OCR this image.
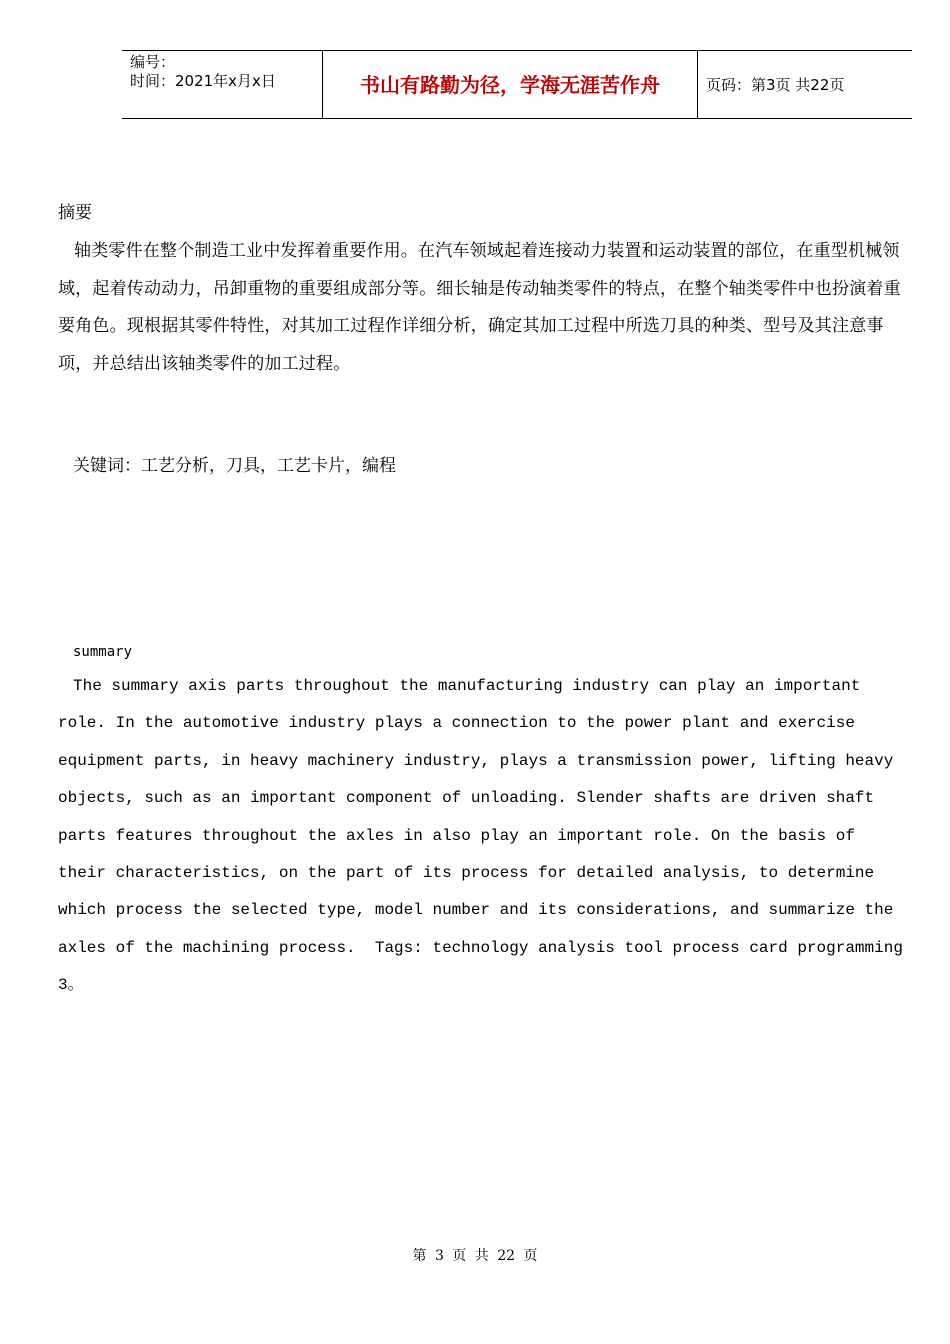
编号：
时间：2021年x月x日	书山有路勤为径，学海无涯苦作舟	页码：第3页 共22页
摘要
轴类零件在整个制造工业中发挥着重要作用。在汽车领域起着连接动力装置和运动装置的部位，在重型机械领域，起着传动动力，吊卸重物的重要组成部分等。细长轴是传动轴类零件的特点，在整个轴类零件中也扮演着重要角色。现根据其零件特性，对其加工过程作详细分析，确定其加工过程中所选刀具的种类、型号及其注意事项，并总结出该轴类零件的加工过程。
关键词：工艺分析，刀具，工艺卡片，编程
summary
The summary axis parts throughout the manufacturing industry can play an important role. In the automotive industry plays a connection to the power plant and exercise equipment parts, in heavy machinery industry, plays a transmission power, lifting heavy objects, such as an important component of unloading. Slender shafts are driven shaft parts features throughout the axles in also play an important role. On the basis of their characteristics, on the part of its process for detailed analysis, to determine which process the selected type, model number and its considerations, and summarize the axles of the machining process.  Tags: technology analysis tool process card programming 3。
第 3 页 共 22 页
